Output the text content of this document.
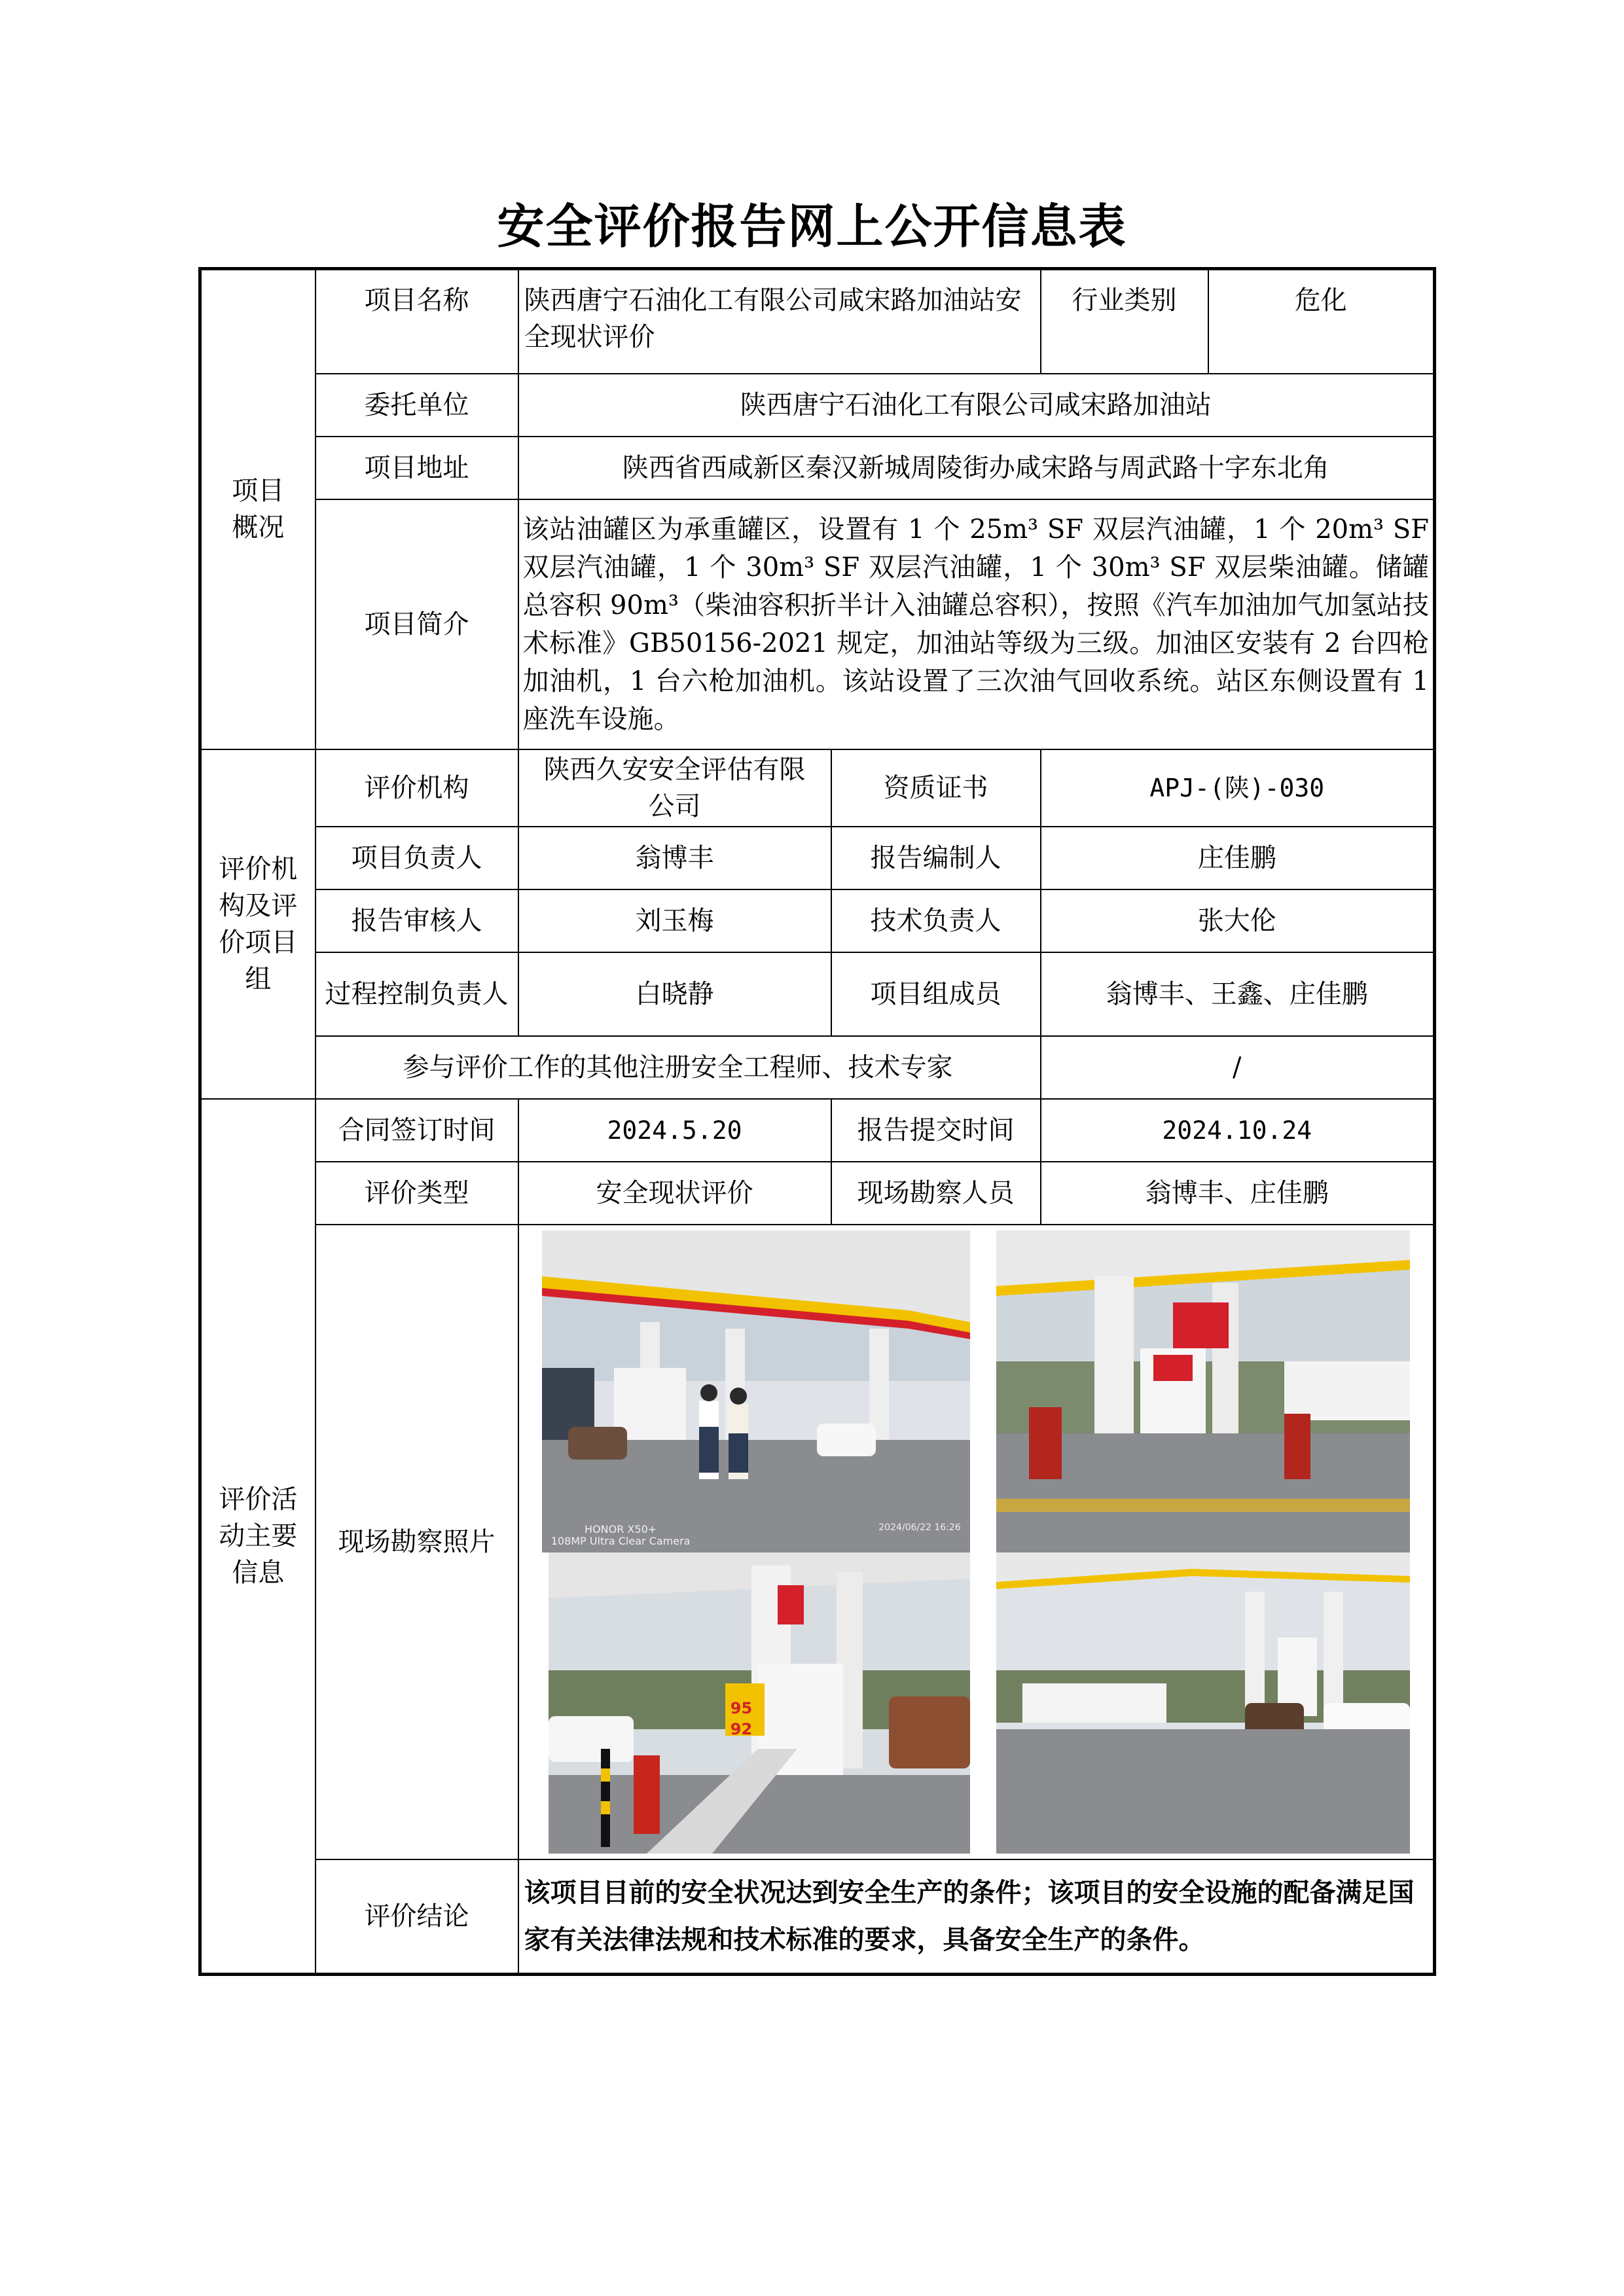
安全评价报告网上公开信息表
项目概况	项目名称	陕西唐宁石油化工有限公司咸宋路加油站安全现状评价		行业类别	危化
	委托单位	陕西唐宁石油化工有限公司咸宋路加油站			
	项目地址	陕西省西咸新区秦汉新城周陵街办咸宋路与周武路十字东北角			
	项目简介	该站油罐区为承重罐区，设置有 1 个 25m³ SF 双层汽油罐，1 个 20m³ SF 双层汽油罐，1 个 30m³ SF 双层汽油罐，1 个 30m³ SF 双层柴油罐。储罐总容积 90m³（柴油容积折半计入油罐总容积），按照《汽车加油加气加氢站技术标准》GB50156-2021 规定，加油站等级为三级。加油区安装有 2 台四枪加油机，1 台六枪加油机。该站设置了三次油气回收系统。站区东侧设置有 1 座洗车设施。			

评价机构及评价项目组	评价机构	陕西久安安全评估有限公司	资质证书	APJ-(陕)-030	
	项目负责人	翁博丰	报告编制人	庄佳鹏	
	报告审核人	刘玉梅	技术负责人	张大伦	

	过程控制负责人	白晓静	项目组成员	翁博丰、王鑫、庄佳鹏	
	参与评价工作的其他注册安全工程师、技术专家			/	

评价活动主要信息	合同签订时间	2024.5.20	报告提交时间	2024.10.24	
	评价类型	安全现状评价	现场勘察人员	翁博丰、庄佳鹏	
	现场勘察照片	HONOR X50+
108MP Ultra Clear Camera
2024/06/22 16:26
95
92			

	评价结论	该项目目前的安全状况达到安全生产的条件；该项目的安全设施的配备满足国家有关法律法规和技术标准的要求，具备安全生产的条件。			
